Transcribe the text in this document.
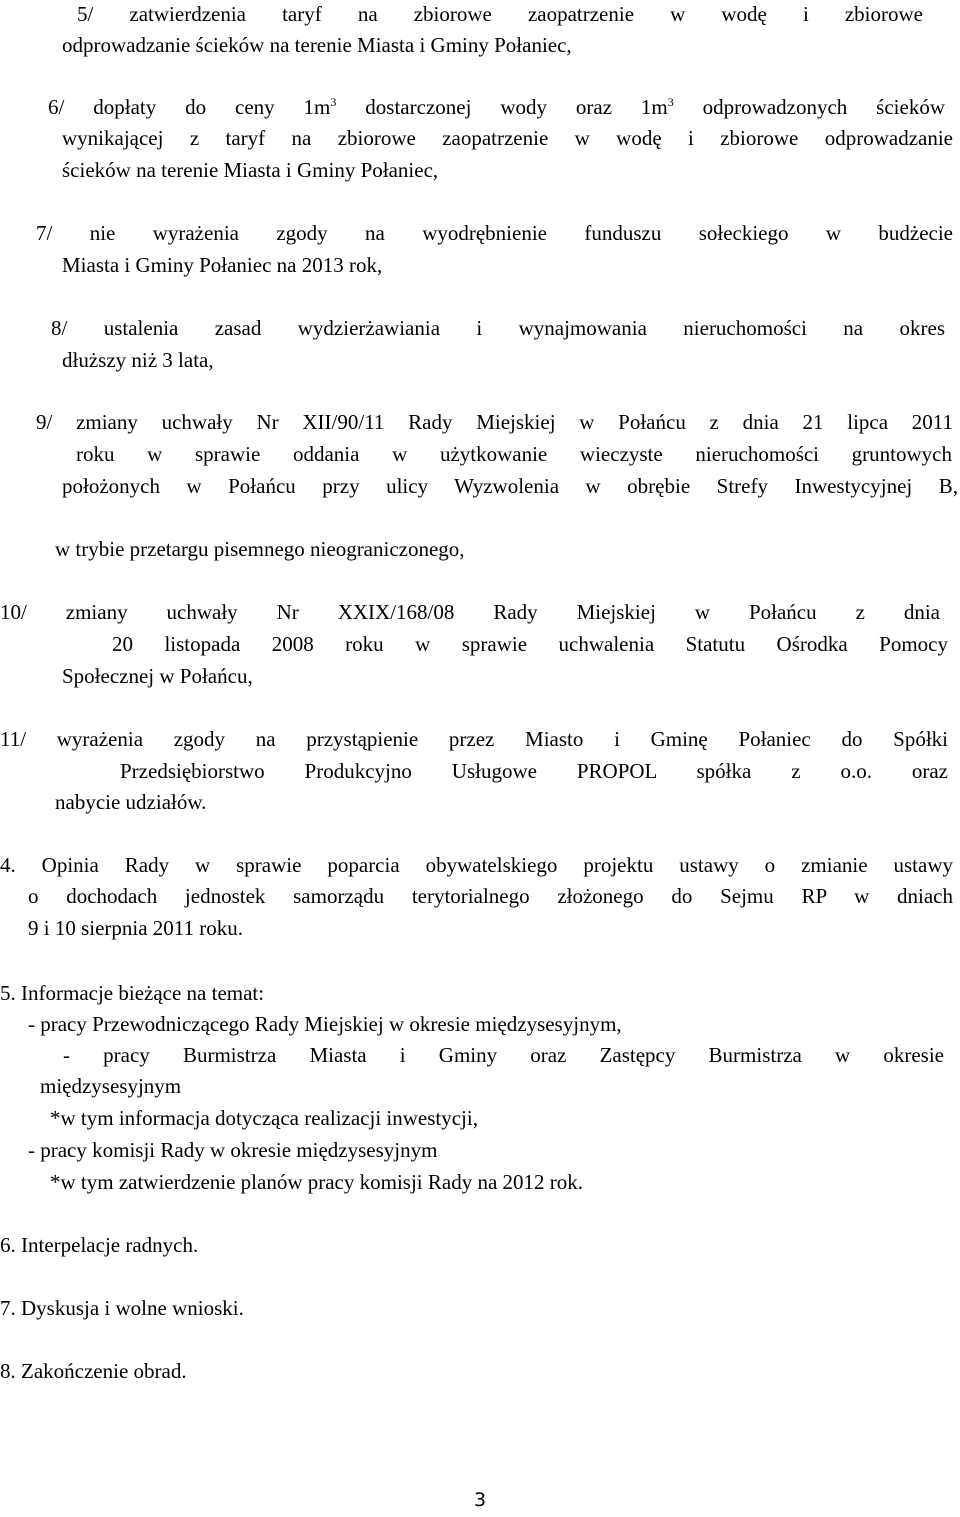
5/ zatwierdzenia taryf na zbiorowe zaopatrzenie w wodę i zbiorowe

odprowadzanie ścieków na terenie Miasta i Gminy Połaniec,

6/ dopłaty do ceny $1m^3$ dostarczonej wody oraz $1m^3$ odprowadzonych ścieków

wynikającej z taryf na zbiorowe zaopatrzenie w wodę i zbiorowe odprowadzanie

ścieków na terenie Miasta i Gminy Połaniec,

7/ nie wyrażenia zgody na wyodrębnienie funduszu sołeckiego w budżecie

Miasta i Gminy Połaniec na 2013 rok,

8/ ustalenia zasad wydzierżawiania i wynajmowania nieruchomości na okres

dłuższy niż 3 lata,

9/ zmiany uchwały Nr XII/90/11 Rady Miejskiej w Połańcu z dnia 21 lipca 2011

roku w sprawie oddania w użytkowanie wieczyste nieruchomości gruntowych

położonych w Połańcu przy ulicy Wyzwolenia w obrębie Strefy Inwestycyjnej B,

w trybie przetargu pisemnego nieograniczonego,

10/ zmiany uchwały Nr XXIX/168/08 Rady Miejskiej w Połańcu z dnia

20 listopada 2008 roku w sprawie uchwalenia Statutu Ośrodka Pomocy

Społecznej w Połańcu,

11/ wyrażenia zgody na przystąpienie przez Miasto i Gminę Połaniec do Spółki

Przedsiębiorstwo Produkcyjno Usługowe PROPOL spółka z o.o. oraz

nabycie udziałów.

4. Opinia Rady w sprawie poparcia obywatelskiego projektu ustawy o zmianie ustawy

o dochodach jednostek samorządu terytorialnego złożonego do Sejmu RP w dniach

9 i 10 sierpnia 2011 roku.

5. Informacje bieżące na temat:

- pracy Przewodniczącego Rady Miejskiej w okresie międzysesyjnym,

- pracy Burmistrza Miasta i Gminy oraz Zastępcy Burmistrza w okresie

międzysesyjnym

*w tym informacja dotycząca realizacji inwestycji,

- pracy komisji Rady w okresie międzysesyjnym

*w tym zatwierdzenie planów pracy komisji Rady na 2012 rok.

6. Interpelacje radnych.

7. Dyskusja i wolne wnioski.

8. Zakończenie obrad.

3
